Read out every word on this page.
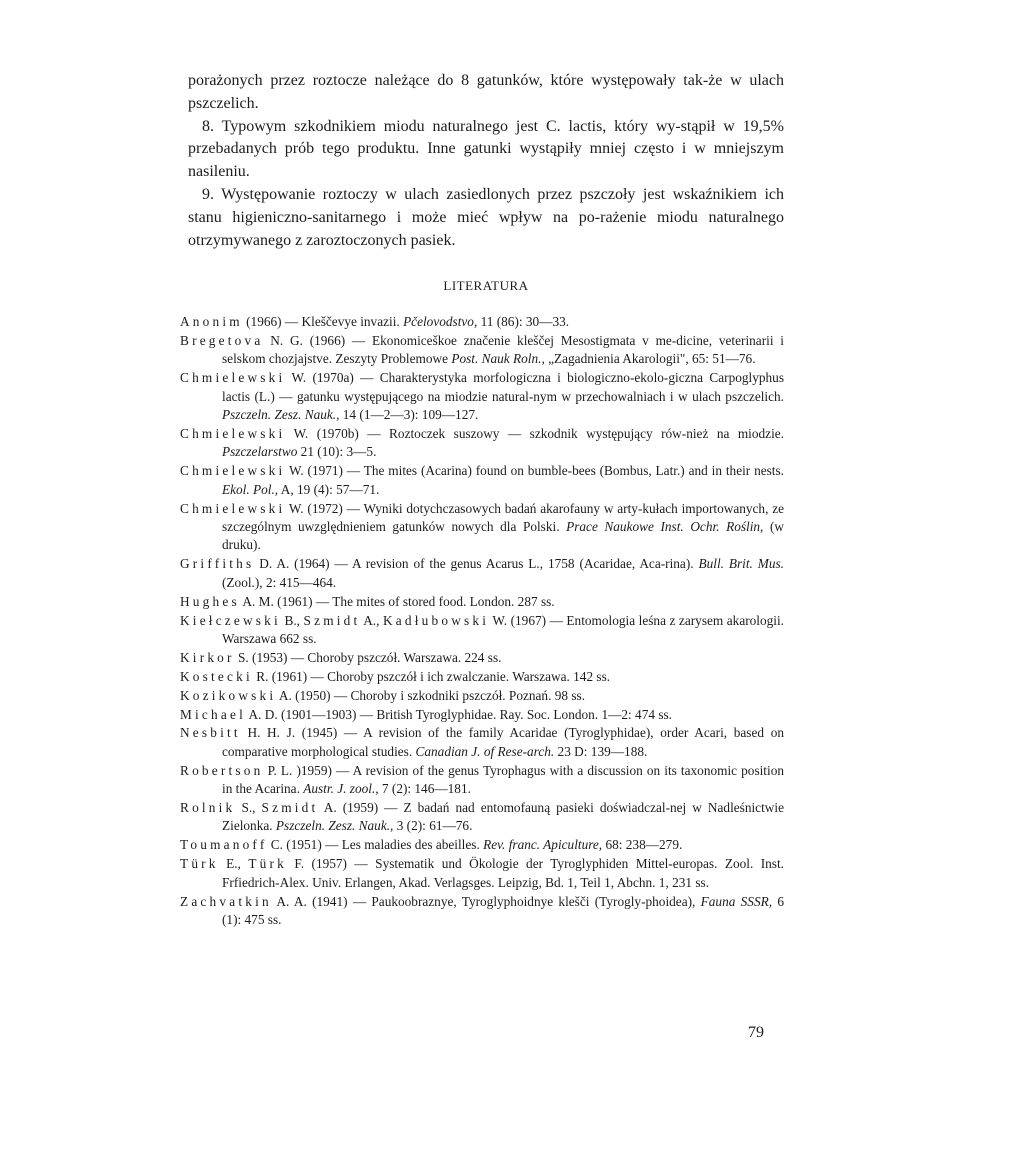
porażonych przez roztocze należące do 8 gatunków, które występowały tak-że w ulach pszczelich.

8. Typowym szkodnikiem miodu naturalnego jest C. lactis, który wy-stąpił w 19,5% przebadanych prób tego produktu. Inne gatunki wystąpiły mniej często i w mniejszym nasileniu.

9. Występowanie roztoczy w ulach zasiedlonych przez pszczoły jest wskaźnikiem ich stanu higieniczno-sanitarnego i może mieć wpływ na po-rażenie miodu naturalnego otrzymywanego z zaroztoczonych pasiek.

LITERATURA

Anonim (1966) — Kleščevye invazii. Pčelovodstvo, 11 (86): 30—33.

Bregetova N. G. (1966) — Ekonomiceškoe značenie kleščej Mesostigmata v me-dicine, veterinarii i selskom chozjajstve. Zeszyty Problemowe Post. Nauk Roln., „Zagadnienia Akarologii", 65: 51—76.

Chmielewski W. (1970a) — Charakterystyka morfologiczna i biologiczno-ekolo-giczna Carpoglyphus lactis (L.) — gatunku występującego na miodzie natural-nym w przechowalniach i w ulach pszczelich. Pszczeln. Zesz. Nauk., 14 (1—2—3): 109—127.

Chmielewski W. (1970b) — Roztoczek suszowy — szkodnik występujący rów-nież na miodzie. Pszczelarstwo 21 (10): 3—5.

Chmielewski W. (1971) — The mites (Acarina) found on bumble-bees (Bombus, Latr.) and in their nests. Ekol. Pol., A, 19 (4): 57—71.

Chmielewski W. (1972) — Wyniki dotychczasowych badań akarofauny w arty-kułach importowanych, ze szczególnym uwzględnieniem gatunków nowych dla Polski. Prace Naukowe Inst. Ochr. Roślin, (w druku).

Griffiths D. A. (1964) — A revision of the genus Acarus L., 1758 (Acaridae, Aca-rina). Bull. Brit. Mus. (Zool.), 2: 415—464.

Hughes A. M. (1961) — The mites of stored food. London. 287 ss.

Kiełczewski B., Szmidt A., Kadłubowski W. (1967) — Entomologia leśna z zarysem akarologii. Warszawa 662 ss.

Kirkor S. (1953) — Choroby pszczół. Warszawa. 224 ss.

Kostecki R. (1961) — Choroby pszczół i ich zwalczanie. Warszawa. 142 ss.

Kozikowski A. (1950) — Choroby i szkodniki pszczół. Poznań. 98 ss.

Michael A. D. (1901—1903) — British Tyroglyphidae. Ray. Soc. London. 1—2: 474 ss.

Nesbitt H. H. J. (1945) — A revision of the family Acaridae (Tyroglyphidae), order Acari, based on comparative morphological studies. Canadian J. of Rese-arch. 23 D: 139—188.

Robertson P. L. )1959) — A revision of the genus Tyrophagus with a discussion on its taxonomic position in the Acarina. Austr. J. zool., 7 (2): 146—181.

Rolnik S., Szmidt A. (1959) — Z badań nad entomofauną pasieki doświadczal-nej w Nadleśnictwie Zielonka. Pszczeln. Zesz. Nauk., 3 (2): 61—76.

Toumanoff C. (1951) — Les maladies des abeilles. Rev. franc. Apiculture, 68: 238—279.

Türk E., Türk F. (1957) — Systematik und Ökologie der Tyroglyphiden Mittel-europas. Zool. Inst. Frfiedrich-Alex. Univ. Erlangen, Akad. Verlagsges. Leipzig, Bd. 1, Teil 1, Abchn. 1, 231 ss.

Zachvatkin A. A. (1941) — Paukoobraznye, Tyroglyphoidnye klešči (Tyrogly-phoidea), Fauna SSSR, 6 (1): 475 ss.

79
